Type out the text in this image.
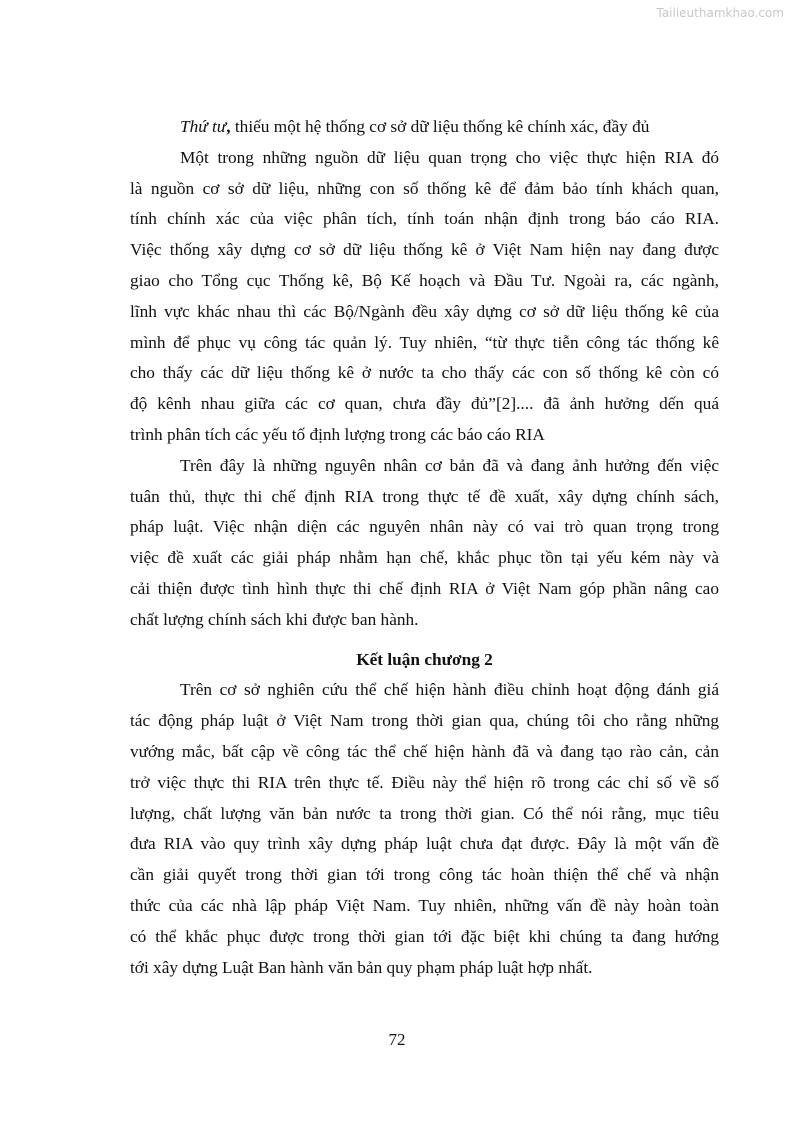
Tailieuthamkhao.com
Thứ tư, thiếu một hệ thống cơ sở dữ liệu thống kê chính xác, đầy đủ
Một trong những nguồn dữ liệu quan trọng cho việc thực hiện RIA đó
là nguồn cơ sở dữ liệu, những con số thống kê để đảm bảo tính khách quan,
tính chính xác của việc phân tích, tính toán nhận định trong báo cáo RIA.
Việc thống xây dựng cơ sở dữ liệu thống kê ở Việt Nam hiện nay đang được
giao cho Tổng cục Thống kê, Bộ Kế hoạch và Đầu Tư. Ngoài ra, các ngành,
lĩnh vực khác nhau thì các Bộ/Ngành đều xây dựng cơ sở dữ liệu thống kê của
mình để phục vụ công tác quản lý. Tuy nhiên, “từ thực tiễn công tác thống kê
cho thấy các dữ liệu thống kê ở nước ta cho thấy các con số thống kê còn có
độ kênh nhau giữa các cơ quan, chưa đầy đủ”[2].... đã ảnh hưởng dến quá
trình phân tích các yếu tố định lượng trong các báo cáo RIA
Trên đây là những nguyên nhân cơ bản đã và đang ảnh hưởng đến việc
tuân thủ, thực thi chế định RIA trong thực tế đề xuất, xây dựng chính sách,
pháp luật. Việc nhận diện các nguyên nhân này có vai trò quan trọng trong
việc đề xuất các giải pháp nhằm hạn chế, khắc phục tồn tại yếu kém này và
cải thiện được tình hình thực thi chế định RIA ở Việt Nam góp phần nâng cao
chất lượng chính sách khi được ban hành.
Kết luận chương 2
Trên cơ sở nghiên cứu thể chế hiện hành điều chỉnh hoạt động đánh giá
tác động pháp luật ở Việt Nam trong thời gian qua, chúng tôi cho rằng những
vướng mắc, bất cập về công tác thể chế hiện hành đã và đang tạo rào cản, cản
trở việc thực thi RIA trên thực tế. Điều này thể hiện rõ trong các chỉ số về số
lượng, chất lượng văn bản nước ta trong thời gian. Có thể nói rằng, mục tiêu
đưa RIA vào quy trình xây dựng pháp luật chưa đạt được. Đây là một vấn đề
cần giải quyết trong thời gian tới trong công tác hoàn thiện thể chế và nhận
thức của các nhà lập pháp Việt Nam. Tuy nhiên, những vấn đề này hoàn toàn
có thể khắc phục được trong thời gian tới đặc biệt khi chúng ta đang hướng
tới xây dựng Luật Ban hành văn bản quy phạm pháp luật hợp nhất.
72
